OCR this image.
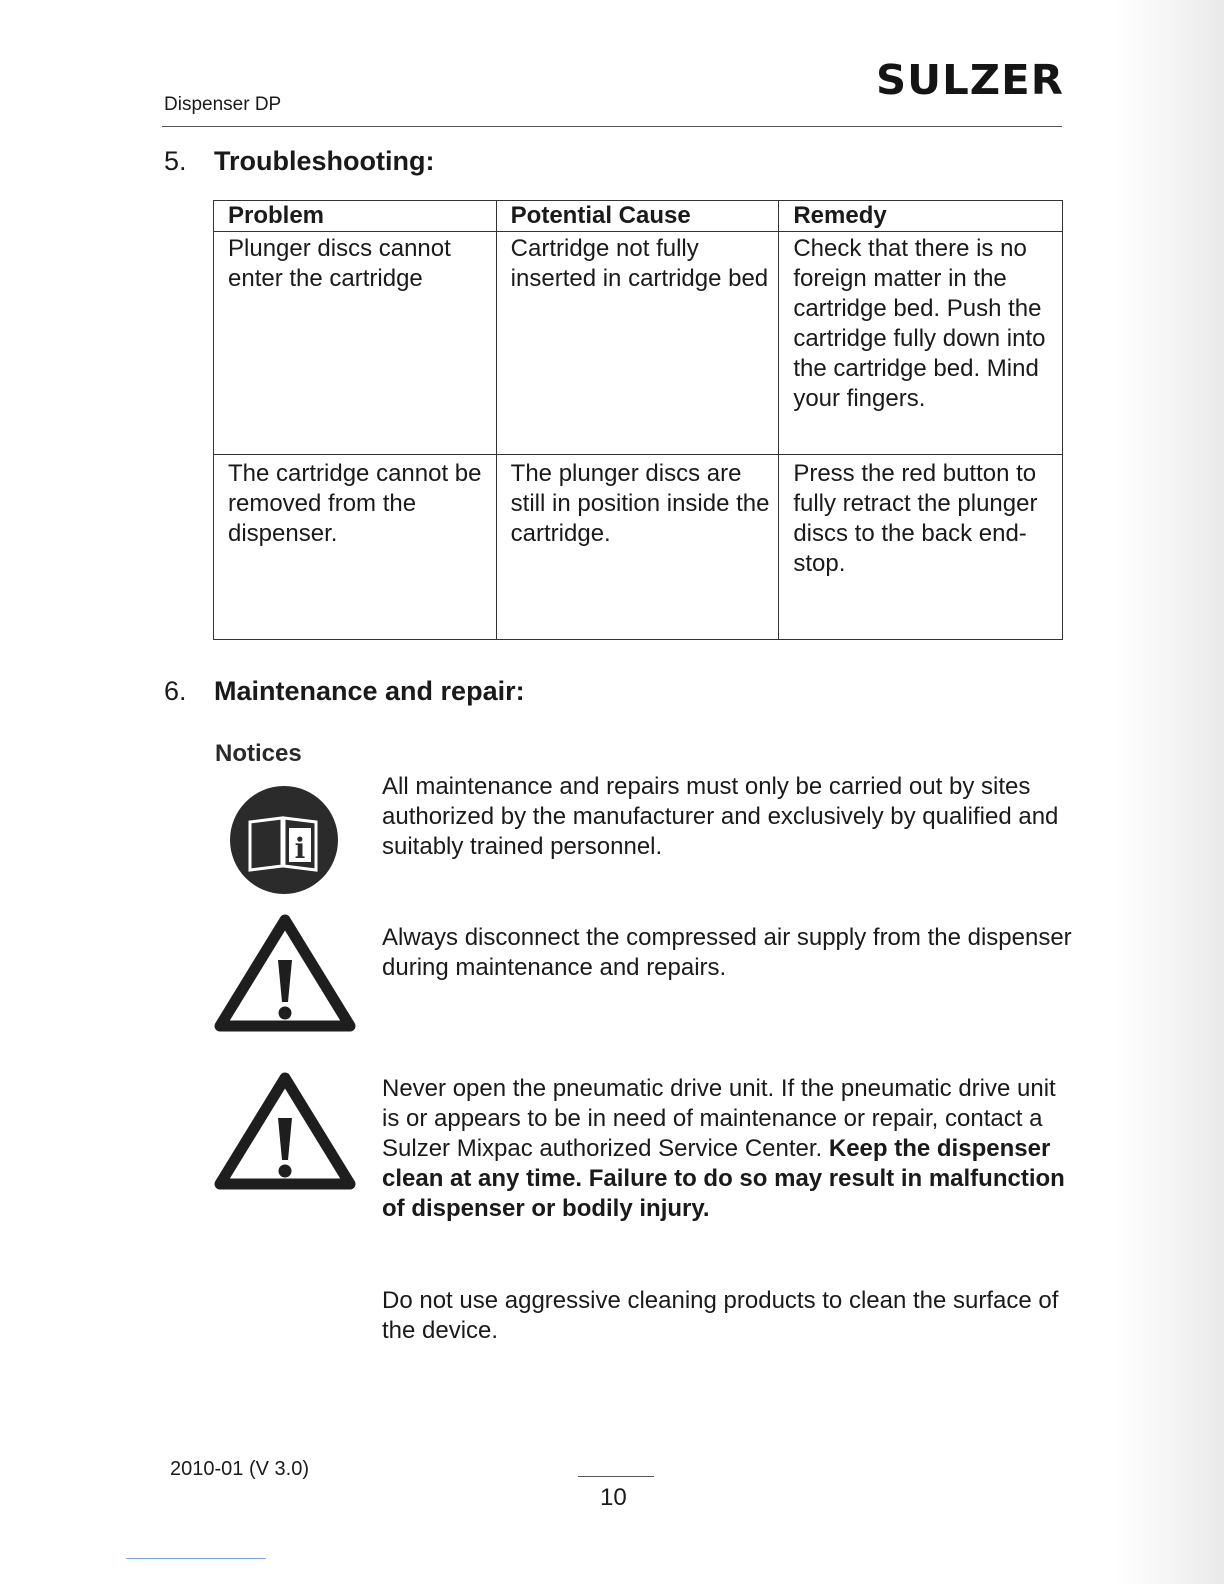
Dispenser DP
SULZER
5. Troubleshooting:
Problem	Potential Cause	Remedy
Plunger discs cannot enter the cartridge	Cartridge not fully inserted in cartridge bed	Check that there is no foreign matter in the cartridge bed. Push the cartridge fully down into the cartridge bed. Mind your fingers.
The cartridge cannot be removed from the dispenser.	The plunger discs are still in position inside the cartridge.	Press the red button to fully retract the plunger discs to the back end-stop.
6. Maintenance and repair:
Notices
i
All maintenance and repairs must only be carried out by sites authorized by the manufacturer and exclusively by qualified and suitably trained personnel.
Always disconnect the compressed air supply from the dispenser during maintenance and repairs.
Never open the pneumatic drive unit. If the pneumatic drive unit is or appears to be in need of maintenance or repair, contact a Sulzer Mixpac authorized Service Center. Keep the dispenser clean at any time. Failure to do so may result in malfunction of dispenser or bodily injury.
Do not use aggressive cleaning products to clean the surface of the device.
2010-01 (V 3.0)
10
